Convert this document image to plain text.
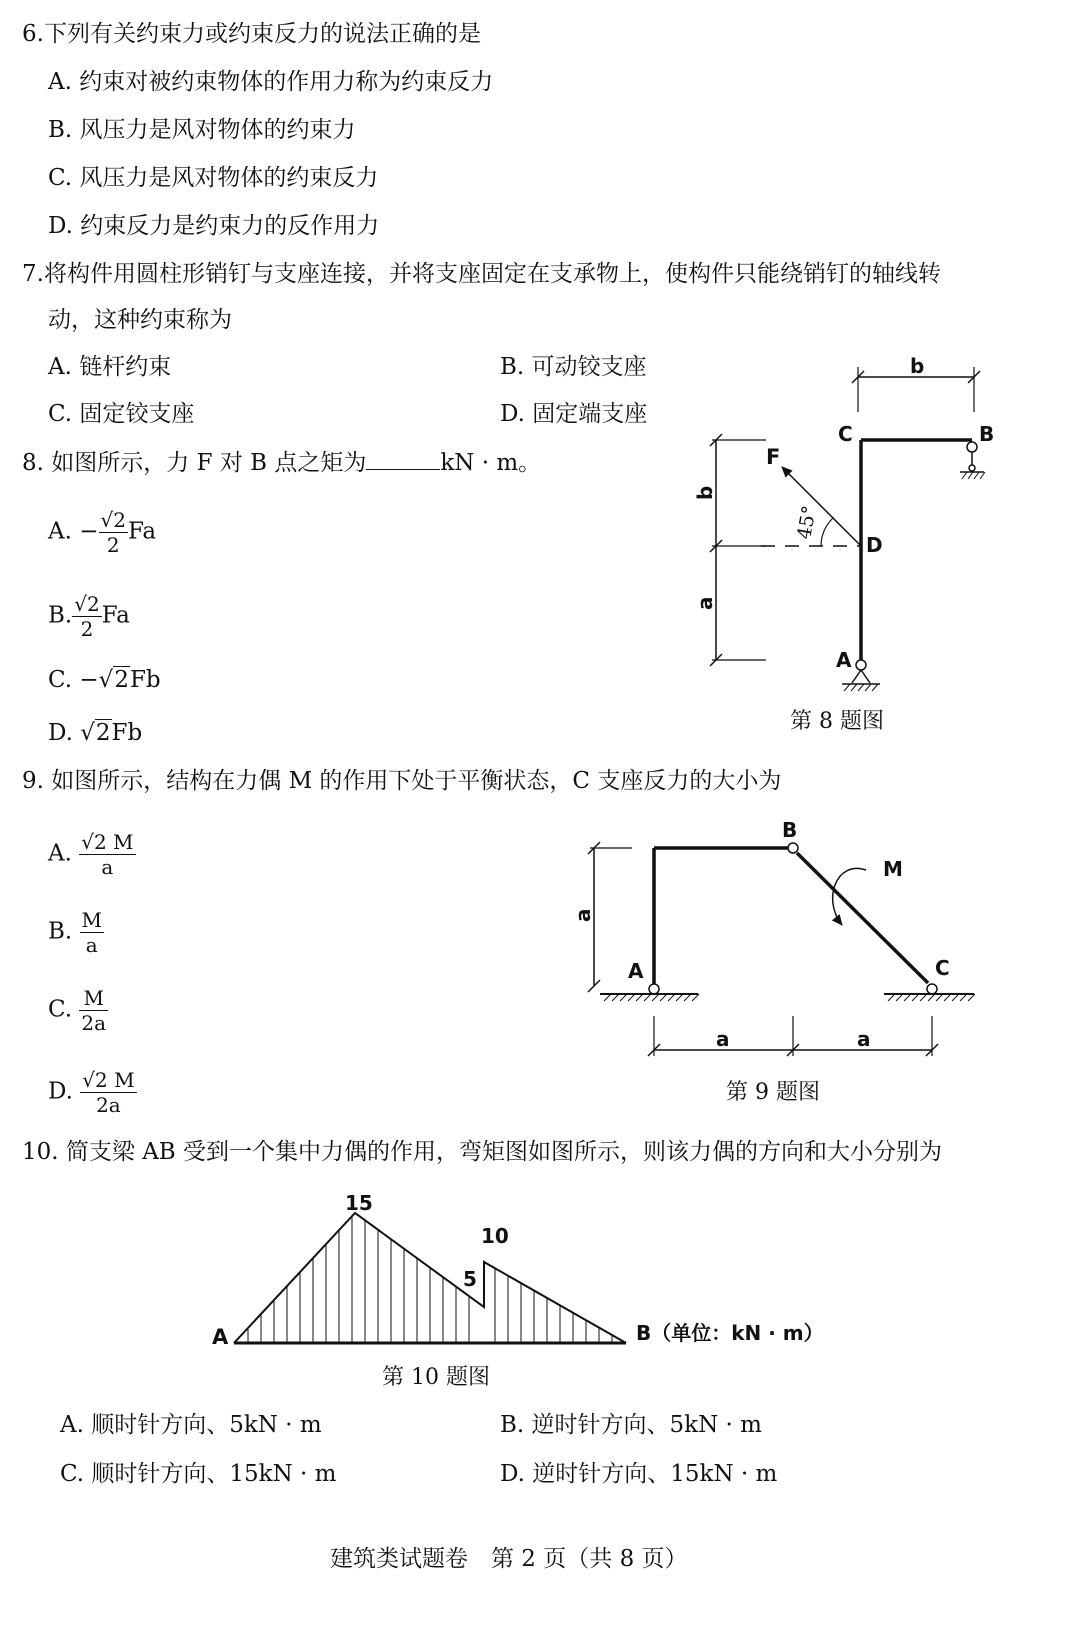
6.下列有关约束力或约束反力的说法正确的是
A. 约束对被约束物体的作用力称为约束反力
B. 风压力是风对物体的约束力
C. 风压力是风对物体的约束反力
D. 约束反力是约束力的反作用力
7.将构件用圆柱形销钉与支座连接，并将支座固定在支承物上，使构件只能绕销钉的轴线转
动，这种约束称为
A. 链杆约束	B. 可动铰支座
C. 固定铰支座	D. 固定端支座
8. 如图所示，力 F 对 B 点之矩为	kN · m。
A. − $\frac{√2}{2}$ Fa
B. $\frac{√2}{2}$ Fa
C. −√2Fb
D. √2Fb
9. 如图所示，结构在力偶 M 的作用下处于平衡状态，C 支座反力的大小为
A. $\frac{√2 M}{a}$
B. $\frac{M}{a}$
C. $\frac{M}{2a}$
D. $\frac{√2 M}{2a}$
10. 简支梁 AB 受到一个集中力偶的作用，弯矩图如图所示，则该力偶的方向和大小分别为
A. 顺时针方向、5kN · m	B. 逆时针方向、5kN · m
C. 顺时针方向、15kN · m	D. 逆时针方向、15kN · m
建筑类试题卷　第 2 页（共 8 页）
b
C	B
D
A
F
45°
b
a
第 8 题图
B
A	C
M
a
a	a
第 9 题图
A	B（单位：kN · m）
15
10
5
第 10 题图
